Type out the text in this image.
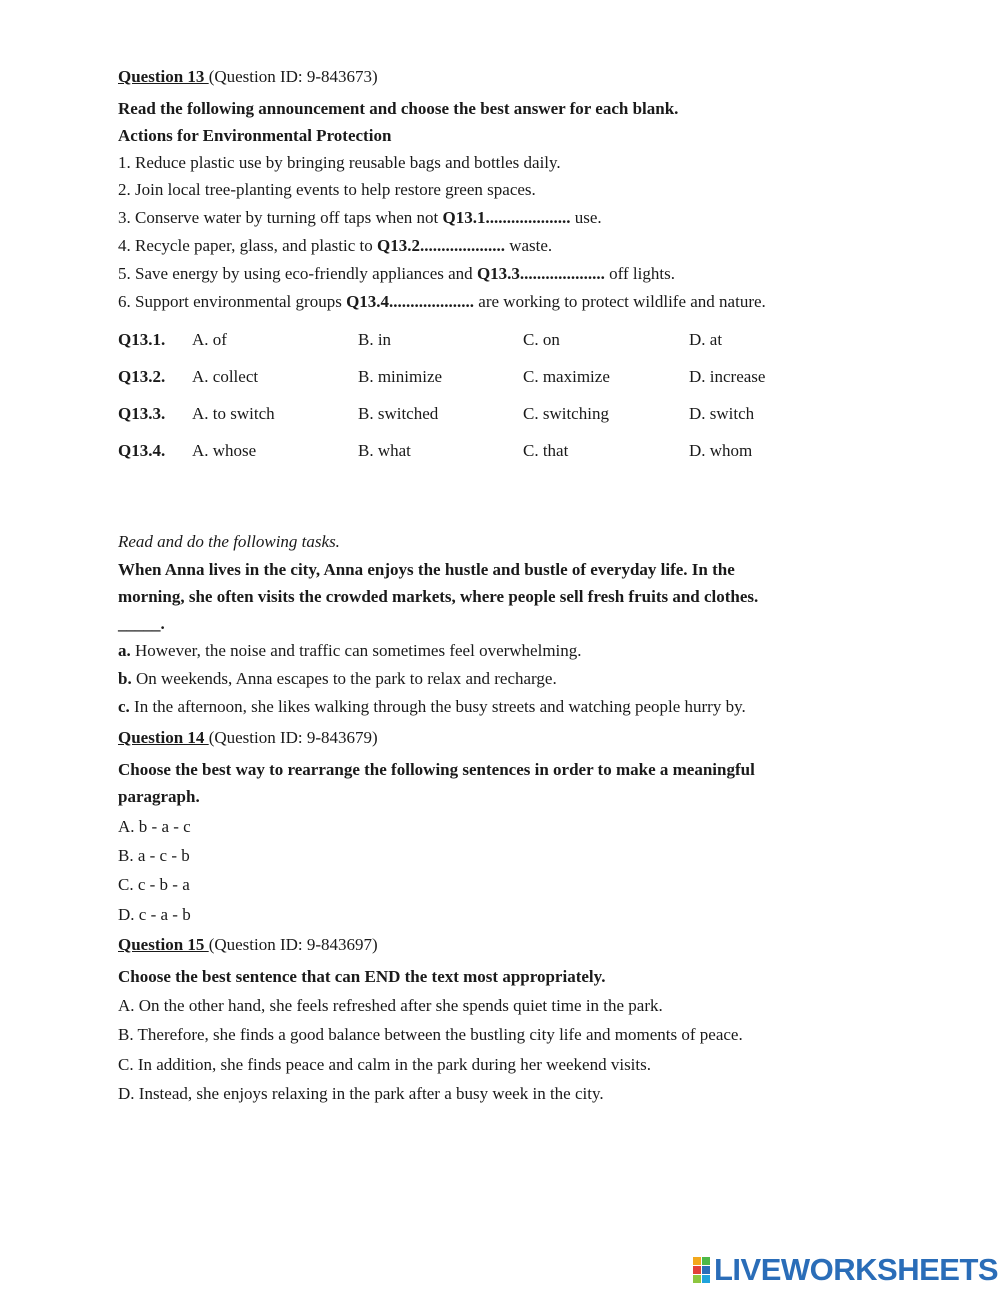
Question 13 (Question ID: 9-843673)
Read the following announcement and choose the best answer for each blank.
Actions for Environmental Protection
1. Reduce plastic use by bringing reusable bags and bottles daily.
2. Join local tree-planting events to help restore green spaces.
3. Conserve water by turning off taps when not Q13.1.................... use.
4. Recycle paper, glass, and plastic to Q13.2.................... waste.
5. Save energy by using eco-friendly appliances and Q13.3.................... off lights.
6. Support environmental groups Q13.4.................... are working to protect wildlife and nature.
Q13.1. A. of	B. in	C. on	D. at
Q13.2. A. collect	B. minimize	C. maximize	D. increase
Q13.3. A. to switch	B. switched	C. switching	D. switch
Q13.4. A. whose	B. what	C. that	D. whom
Read and do the following tasks.
When Anna lives in the city, Anna enjoys the hustle and bustle of everyday life. In the
morning, she often visits the crowded markets, where people sell fresh fruits and clothes.
_____.
a. However, the noise and traffic can sometimes feel overwhelming.
b. On weekends, Anna escapes to the park to relax and recharge.
c. In the afternoon, she likes walking through the busy streets and watching people hurry by.
Question 14 (Question ID: 9-843679)
Choose the best way to rearrange the following sentences in order to make a meaningful
paragraph.
A. b - a - c
B. a - c - b
C. c - b - a
D. c - a - b
Question 15 (Question ID: 9-843697)
Choose the best sentence that can END the text most appropriately.
A. On the other hand, she feels refreshed after she spends quiet time in the park.
B. Therefore, she finds a good balance between the bustling city life and moments of peace.
C. In addition, she finds peace and calm in the park during her weekend visits.
D. Instead, she enjoys relaxing in the park after a busy week in the city.
LIVEWORKSHEETS
